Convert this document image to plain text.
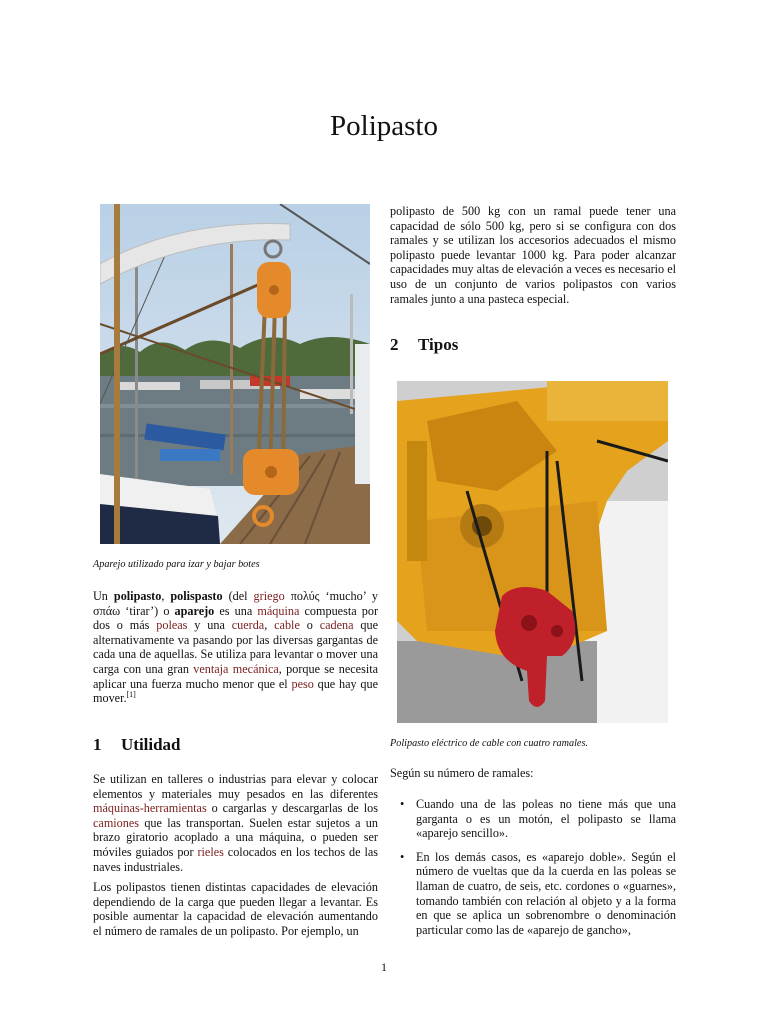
Polipasto
Aparejo utilizado para izar y bajar botes

Un polipasto, polispasto (del griego πολύς ‘mucho’ y σπάω ‘tirar’) o aparejo es una máquina compuesta por dos o más poleas y una cuerda, cable o cadena que alternativamente va pasando por las diversas gargantas de cada una de aquellas. Se utiliza para levantar o mover una carga con una gran ventaja mecánica, porque se necesita aplicar una fuerza mucho menor que el peso que hay que mover.[1]

1 Utilidad

Se utilizan en talleres o industrias para elevar y colocar elementos y materiales muy pesados en las diferentes máquinas-herramientas o cargarlas y descargarlas de los camiones que las transportan. Suelen estar sujetos a un brazo giratorio acoplado a una máquina, o pueden ser móviles guiados por rieles colocados en los techos de las naves industriales.

Los polipastos tienen distintas capacidades de elevación dependiendo de la carga que pueden llegar a levantar. Es posible aumentar la capacidad de elevación aumentando el número de ramales de un polipasto. Por ejemplo, un

polipasto de 500 kg con un ramal puede tener una capacidad de sólo 500 kg, pero si se configura con dos ramales y se utilizan los accesorios adecuados el mismo polipasto puede levantar 1000 kg. Para poder alcanzar capacidades muy altas de elevación a veces es necesario el uso de un conjunto de varios polipastos con varios ramales junto a una pasteca especial.

2 Tipos
Polipasto eléctrico de cable con cuatro ramales.

Según su número de ramales:

• Cuando una de las poleas no tiene más que una garganta o es un motón, el polipasto se llama «aparejo sencillo».
• En los demás casos, es «aparejo doble». Según el número de vueltas que da la cuerda en las poleas se llaman de cuatro, de seis, etc. cordones o «guarnes», tomando también con relación al objeto y a la forma en que se aplica un sobrenombre o denominación particular como las de «aparejo de gancho»,
1
